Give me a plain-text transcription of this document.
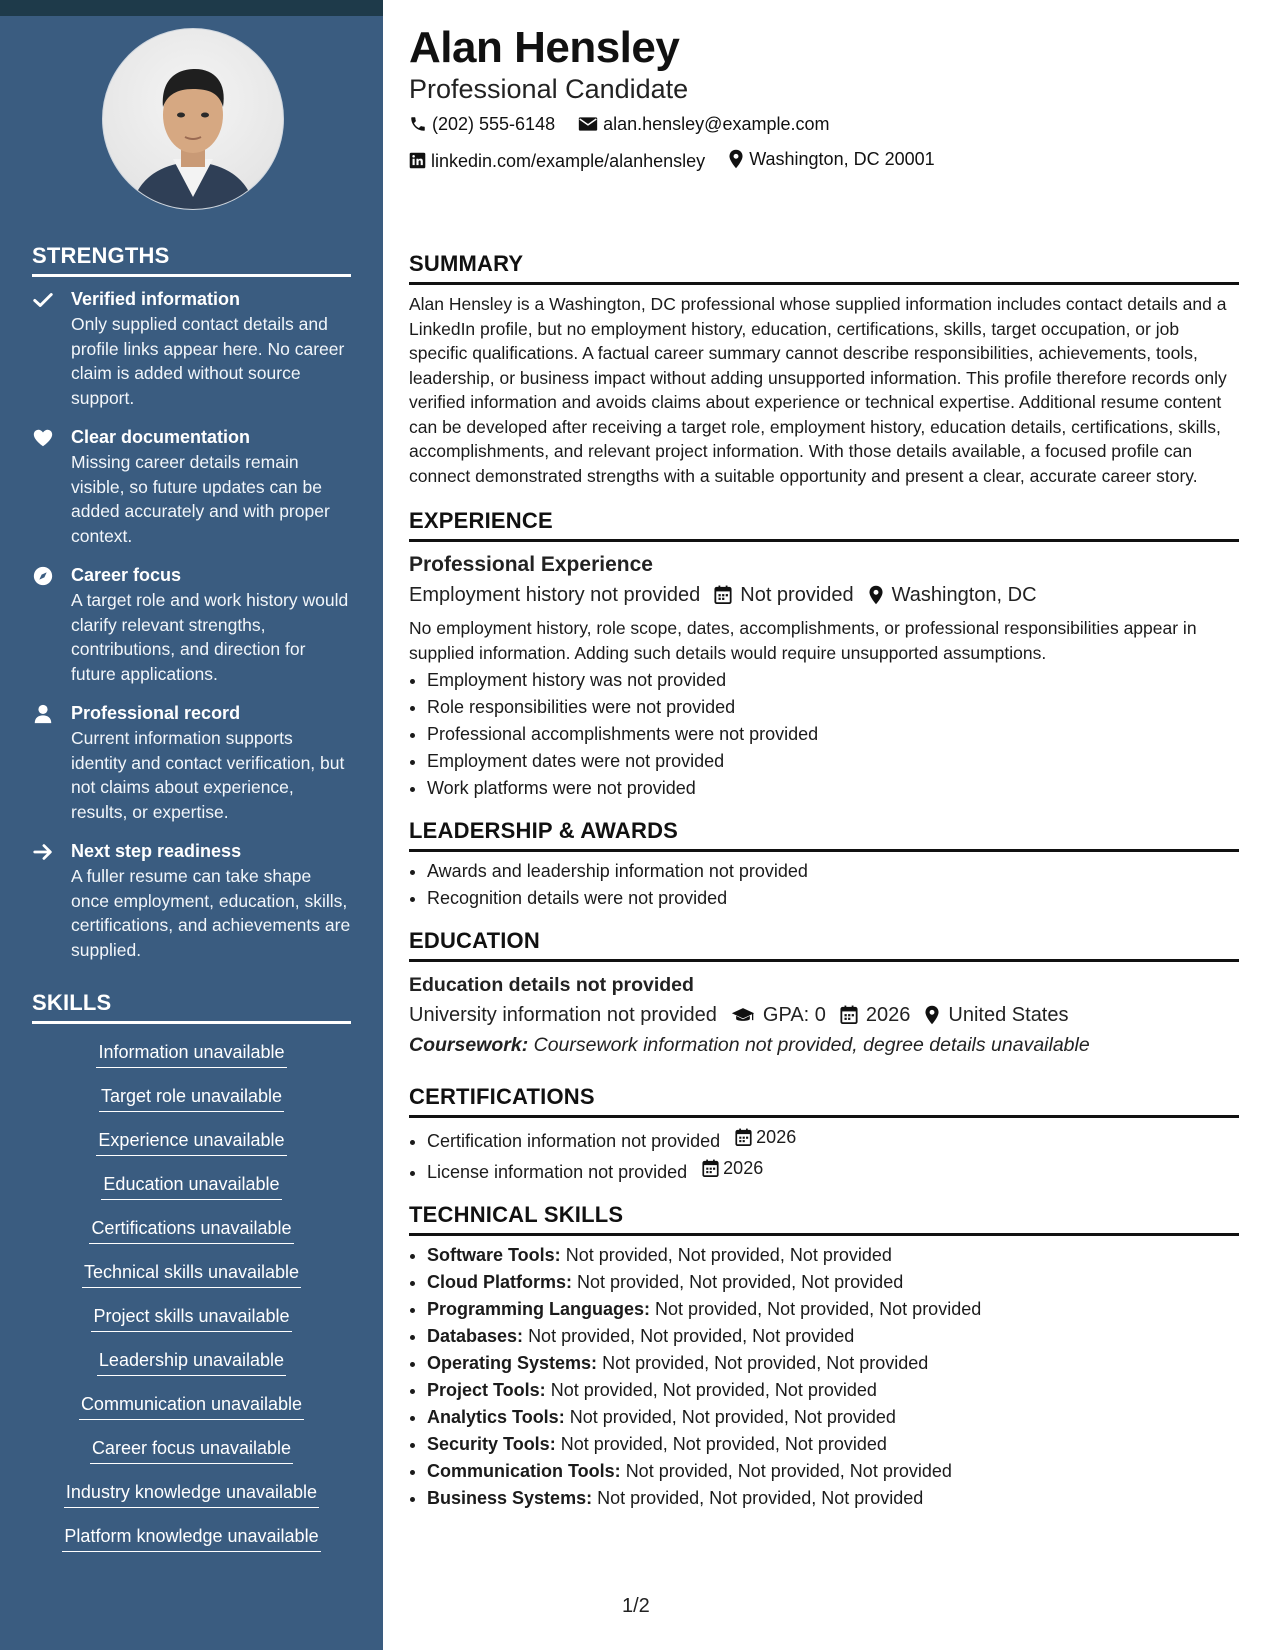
STRENGTHS
Verified information
Only supplied contact details and profile links appear here. No career claim is added without source support.
Clear documentation
Missing career details remain visible, so future updates can be added accurately and with proper context.
Career focus
A target role and work history would clarify relevant strengths, contributions, and direction for future applications.
Professional record
Current information supports identity and contact verification, but not claims about experience, results, or expertise.
Next step readiness
A fuller resume can take shape once employment, education, skills, certifications, and achievements are supplied.
SKILLS
Information unavailable
Target role unavailable
Experience unavailable
Education unavailable
Certifications unavailable
Technical skills unavailable
Project skills unavailable
Leadership unavailable
Communication unavailable
Career focus unavailable
Industry knowledge unavailable
Platform knowledge unavailable
Alan Hensley
Professional Candidate
(202) 555-6148
	alan.hensley@example.com

linkedin.com/example/alanhensley
Washington, DC 20001
SUMMARY

Alan Hensley is a Washington, DC professional whose supplied information includes contact details and a LinkedIn profile, but no employment history, education, certifications, skills, target occupation, or job specific qualifications. A factual career summary cannot describe responsibilities, achievements, tools, leadership, or business impact without adding unsupported information. This profile therefore records only verified information and avoids claims about experience or technical expertise. Additional resume content can be developed after receiving a target role, employment history, education details, certifications, skills, accomplishments, and relevant project information. With those details available, a focused profile can connect demonstrated strengths with a suitable opportunity and present a clear, accurate career story.

EXPERIENCE
Professional Experience
Employment history not provided Not provided Washington, DC

No employment history, role scope, dates, accomplishments, or professional responsibilities appear in supplied information. Adding such details would require unsupported assumptions.

• Employment history was not provided
• Role responsibilities were not provided
• Professional accomplishments were not provided
• Employment dates were not provided
• Work platforms were not provided
LEADERSHIP & AWARDS
• Awards and leadership information not provided
• Recognition details were not provided
EDUCATION
Education details not provided
University information not provided GPA: 0 2026 United States
Coursework: Coursework information not provided, degree details unavailable
CERTIFICATIONS
• Certification information not provided 2026
• License information not provided 2026
TECHNICAL SKILLS
• Software Tools: Not provided, Not provided, Not provided
• Cloud Platforms: Not provided, Not provided, Not provided
• Programming Languages: Not provided, Not provided, Not provided
• Databases: Not provided, Not provided, Not provided
• Operating Systems: Not provided, Not provided, Not provided
• Project Tools: Not provided, Not provided, Not provided
• Analytics Tools: Not provided, Not provided, Not provided
• Security Tools: Not provided, Not provided, Not provided
• Communication Tools: Not provided, Not provided, Not provided
• Business Systems: Not provided, Not provided, Not provided
1/2
